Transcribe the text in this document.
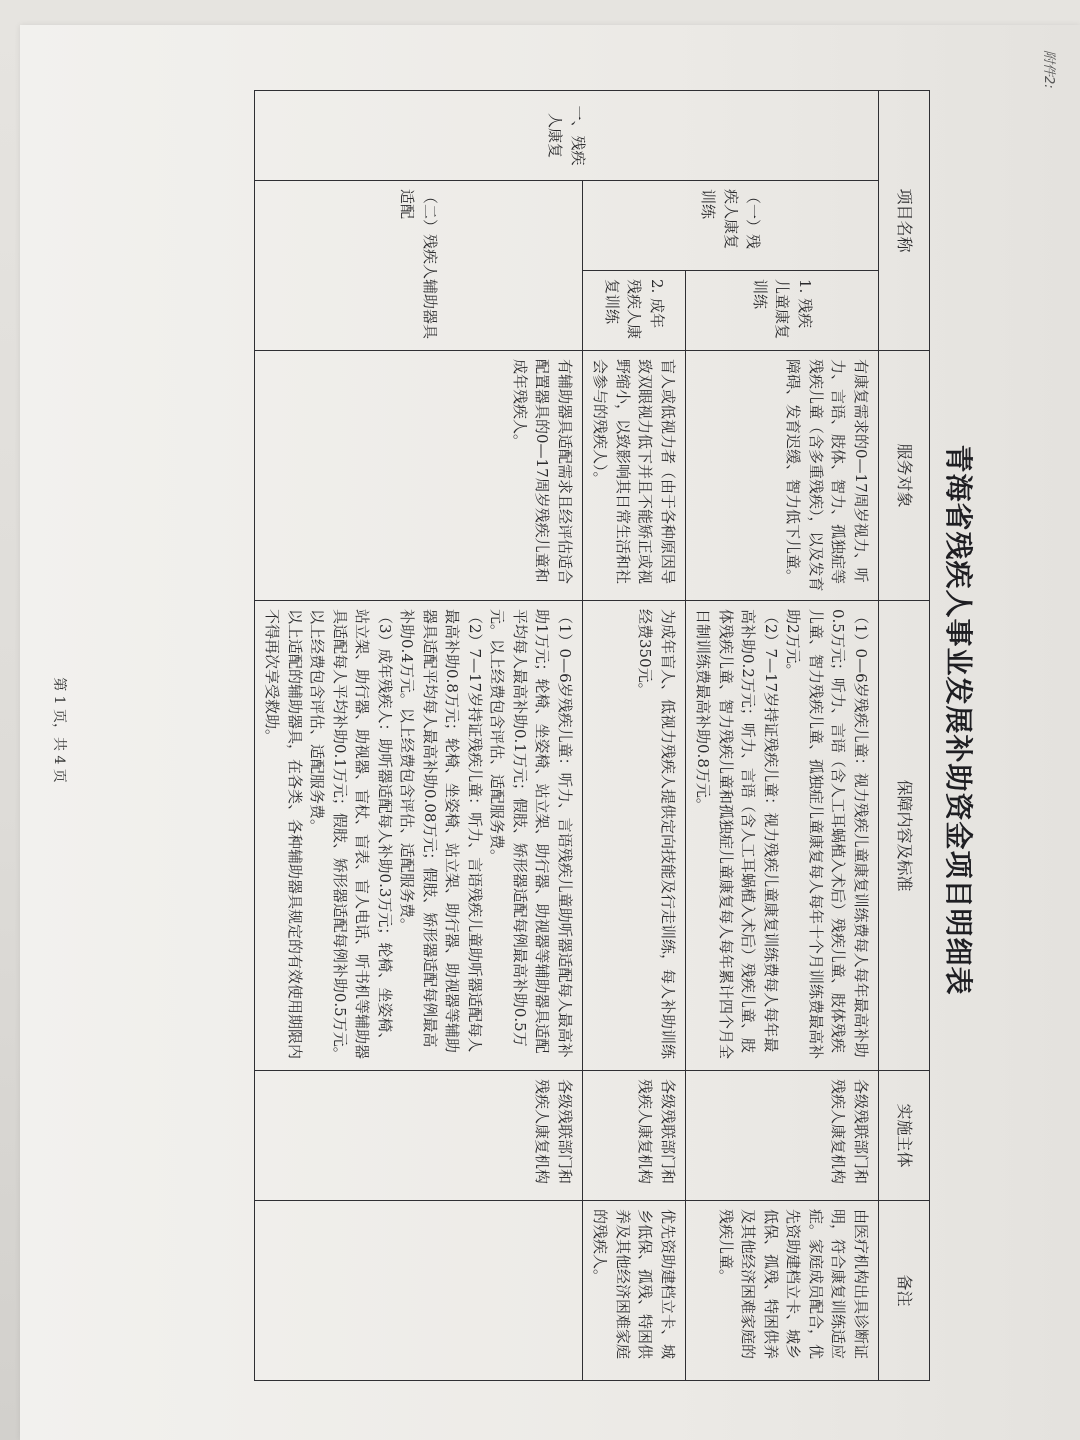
附件2:
青海省残疾人事业发展补助资金项目明细表
项目名称			服务对象	保障内容及标准	实施主体	备注
一、残疾人康复	（一）残疾人康复训练	1. 残疾儿童康复训练	有康复需求的0—17周岁视力、听力、言语、肢体、智力、孤独症等残疾儿童（含多重残疾），以及发育障碍、发育迟缓、智力低下儿童。	（1）0—6岁残疾儿童：视力残疾儿童康复训练费每人每年最高补助0.5万元；听力、言语（含人工耳蜗植入术后）残疾儿童、肢体残疾儿童、智力残疾儿童、孤独症儿童康复每人每年十个月训练费最高补助2万元。
（2）7—17岁持证残疾儿童：视力残疾儿童康复训练费每人每年最高补助0.2万元；听力、言语（含人工耳蜗植入术后）残疾儿童、肢体残疾儿童、智力残疾儿童和孤独症儿童康复每人每年累计四个月全日制训练费最高补助0.8万元。	各级残联部门和残疾人康复机构	由医疗机构出具诊断证明，符合康复训练适应症。家庭成员配合，优先资助建档立卡、城乡低保、孤残、特困供养及其他经济困难家庭的残疾儿童。
		2. 成年残疾人康复训练	盲人或低视力者（由于各种原因导致双眼视力低下并且不能矫正或视野缩小，以致影响其日常生活和社会参与的残疾人）。	为成年盲人、低视力残疾人提供定向技能及行走训练，每人补助训练经费350元。	各级残联部门和残疾人康复机构	优先资助建档立卡、城乡低保、孤残、特困供养及其他经济困难家庭的残疾人。
	（二）残疾人辅助器具适配		有辅助器具适配需求且经评估适合配置器具的0—17周岁残疾儿童和成年残疾人。	（1）0—6岁残疾儿童：听力、言语残疾儿童助听器适配每人最高补助1万元；轮椅、坐姿椅、站立架、助行器、助视器等辅助器具适配平均每人最高补助0.1万元；假肢、矫形器适配每例最高补助0.5万元。以上经费包含评估、适配服务费。
（2）7—17岁持证残疾儿童：听力、言语残疾儿童助听器适配每人最高补助0.8万元；轮椅、坐姿椅、站立架、助行器、助视器等辅助器具适配平均每人最高补助0.08万元；假肢、矫形器适配每例最高补助0.4万元。以上经费包含评估、适配服务费。
（3）成年残疾人：助听器适配每人补助0.3万元；轮椅、坐姿椅、站立架、助行器、助视器、盲杖、盲表、盲人电话、听书机等辅助器具适配每人平均补助0.1万元；假肢、矫形器适配每例补助0.5万元。以上经费包含评估、适配服务费。
以上适配的辅助器具，在各类、各种辅助器具规定的有效使用期限内不得再次享受救助。	各级残联部门和残疾人康复机构	
第 1 页，共 4 页
